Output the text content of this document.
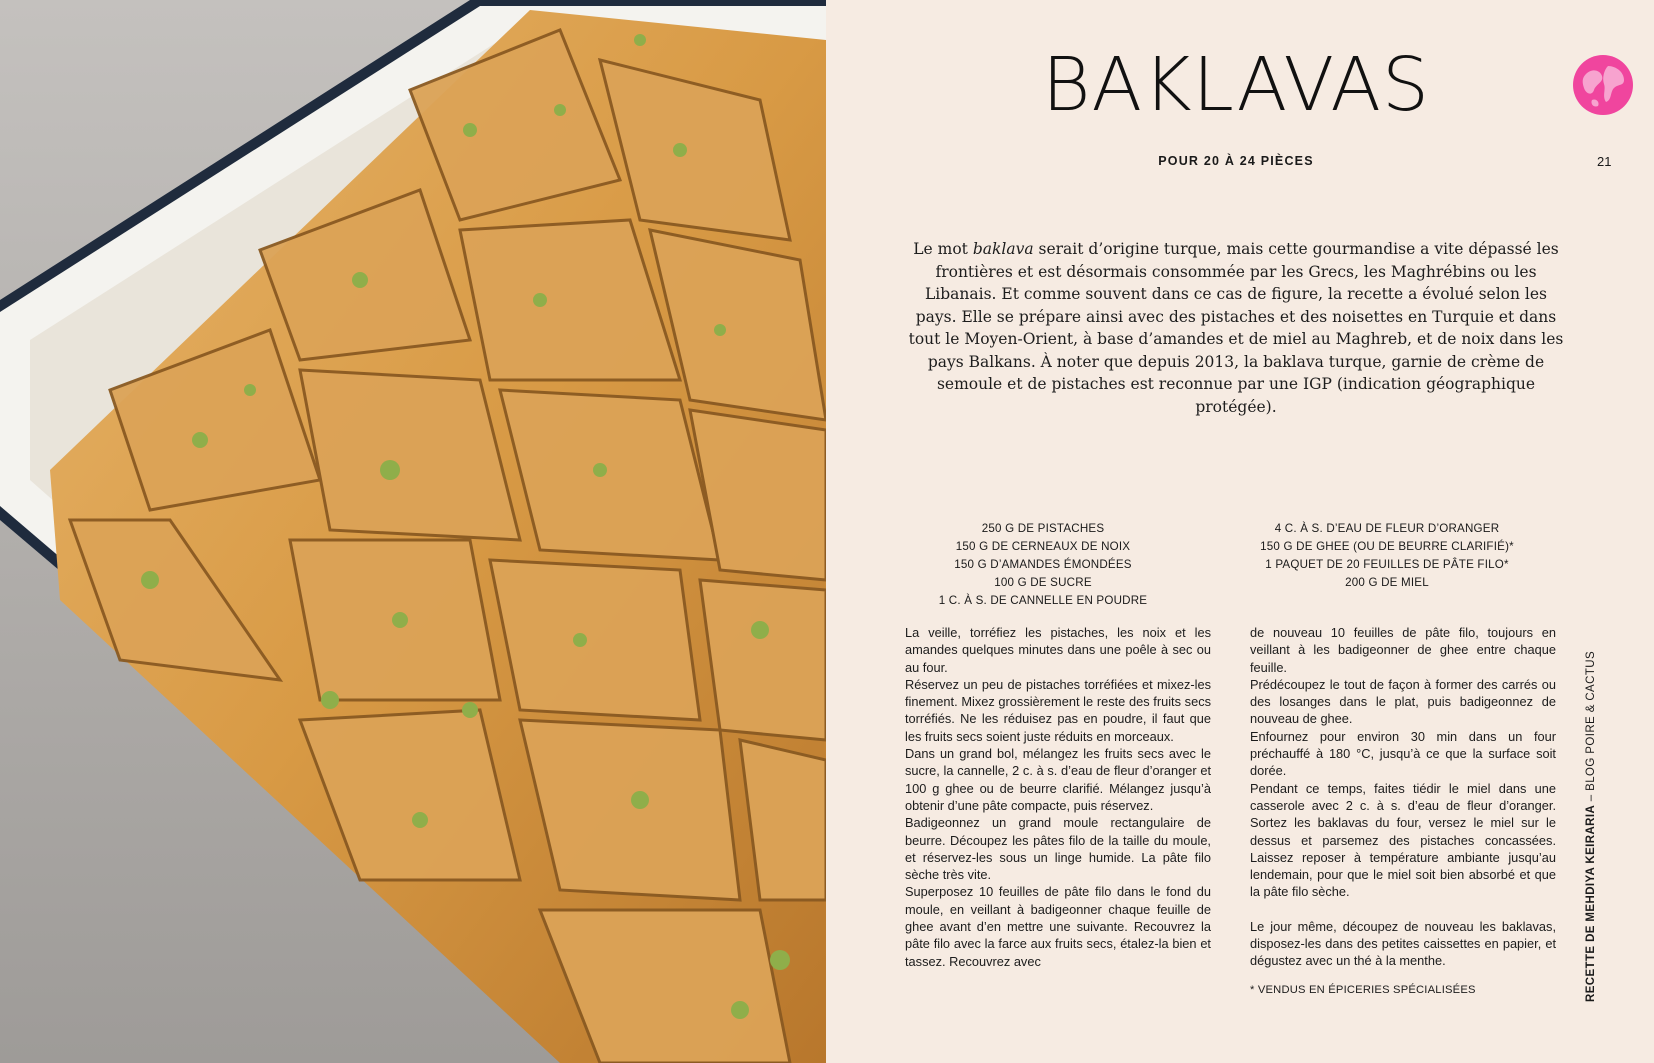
BAKLAVAS
POUR 20 À 24 PIÈCES	21
Le mot baklava serait d’origine turque, mais cette gourmandise a vite dépassé les frontières et est désormais consommée par les Grecs, les Maghrébins ou les Libanais. Et comme souvent dans ce cas de figure, la recette a évolué selon les pays. Elle se prépare ainsi avec des pistaches et des noisettes en Turquie et dans tout le Moyen-Orient, à base d’amandes et de miel au Maghreb, et de noix dans les pays Balkans. À noter que depuis 2013, la baklava turque, garnie de crème de semoule et de pistaches est reconnue par une IGP (indication géographique protégée).
250 G DE PISTACHES
150 G DE CERNEAUX DE NOIX
150 G D’AMANDES ÉMONDÉES
100 G DE SUCRE
1 C. À S. DE CANNELLE EN POUDRE
4 C. À S. D’EAU DE FLEUR D’ORANGER
150 G DE GHEE (OU DE BEURRE CLARIFIÉ)*
1 PAQUET DE 20 FEUILLES DE PÂTE FILO*
200 G DE MIEL

La veille, torréfiez les pistaches, les noix et les amandes quelques minutes dans une poêle à sec ou au four.

Réservez un peu de pistaches torréfiées et mixez-les finement. Mixez grossièrement le reste des fruits secs torréfiés. Ne les réduisez pas en poudre, il faut que les fruits secs soient juste réduits en morceaux.

Dans un grand bol, mélangez les fruits secs avec le sucre, la cannelle, 2 c. à s. d’eau de fleur d’oranger et 100 g ghee ou de beurre clarifié. Mélangez jusqu’à obtenir d’une pâte compacte, puis réservez.

Badigeonnez un grand moule rectangulaire de beurre. Découpez les pâtes filo de la taille du moule, et réservez-les sous un linge humide. La pâte filo sèche très vite.

Superposez 10 feuilles de pâte filo dans le fond du moule, en veillant à badigeonner chaque feuille de ghee avant d’en mettre une suivante. Recouvrez la pâte filo avec la farce aux fruits secs, étalez-la bien et tassez. Recouvrez avec

de nouveau 10 feuilles de pâte filo, toujours en veillant à les badigeonner de ghee entre chaque feuille.

Prédécoupez le tout de façon à former des carrés ou des losanges dans le plat, puis badigeonnez de nouveau de ghee.

Enfournez pour environ 30 min dans un four préchauffé à 180 °C, jusqu’à ce que la surface soit dorée.

Pendant ce temps, faites tiédir le miel dans une casserole avec 2 c. à s. d’eau de fleur d’oranger. Sortez les baklavas du four, versez le miel sur le dessus et parsemez des pistaches concassées. Laissez reposer à température ambiante jusqu’au lendemain, pour que le miel soit bien absorbé et que la pâte filo sèche.

Le jour même, découpez de nouveau les baklavas, disposez-les dans des petites caissettes en papier, et dégustez avec un thé à la menthe.

* VENDUS EN ÉPICERIES SPÉCIALISÉES	RECETTE DE MEHDIYA KEIRARIA – BLOG POIRE & CACTUS
